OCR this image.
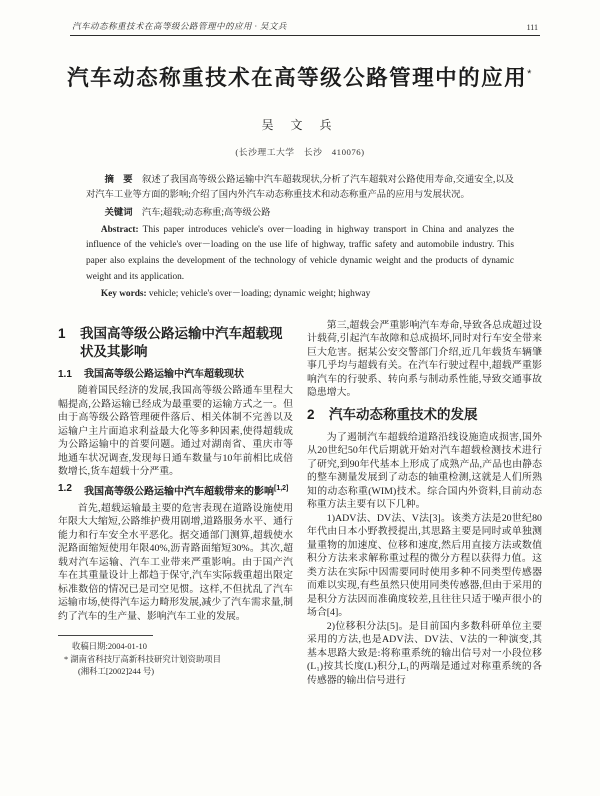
汽车动态称重技术在高等级公路管理中的应用 · 吴文兵	111
汽车动态称重技术在高等级公路管理中的应用*
吴 文 兵
(长沙理工大学　长沙　410076)

摘　要　 叙述了我国高等级公路运输中汽车超载现状,分析了汽车超载对公路使用寿命,交通安全,以及对汽车工业等方面的影响;介绍了国内外汽车动态称重技术和动态称重产品的应用与发展状况。

关键词　 汽车;超载;动态称重;高等级公路

Abstract: This paper introduces vehicle's over－loading in highway transport in China and analyzes the influence of the vehicle's over－loading on the use life of highway, traffic safety and automobile industry. This paper also explains the development of the technology of vehicle dynamic weight and the products of dynamic weight and its application.

Key words: vehicle; vehicle's over－loading; dynamic weight; highway

1	我国高等级公路运输中汽车超载现状及其影响
1.1	我国高等级公路运输中汽车超载现状

随着国民经济的发展,我国高等级公路通车里程大幅提高,公路运输已经成为最重要的运输方式之一。但由于高等级公路管理硬件落后、相关体制不完善以及运输户主片面追求利益最大化等多种因素,使得超载成为公路运输中的首要问题。通过对湖南省、重庆市等地通车状况调查,发现每日通车数量与10年前相比成倍数增长,货车超载十分严重。

1.2	我国高等级公路运输中汽车超载带来的影响[1,2]

首先,超载运输最主要的危害表现在道路设施使用年限大大缩短,公路维护费用剧增,道路服务水平、通行能力和行车安全水平恶化。据交通部门测算,超载使水泥路面缩短使用年限40%,沥青路面缩短30%。其次,超载对汽车运输、汽车工业带来严重影响。由于国产汽车在其重量设计上都趋于保守,汽车实际载重超出限定标准数倍的情况已是司空见惯。这样,不但扰乱了汽车运输市场,使得汽车运力畸形发展,减少了汽车需求量,制约了汽车的生产量、影响汽车工业的发展。

收稿日期:2004-01-10

* 湖南省科技厅高新科技研究计划资助项目

(湘科工[2002]244 号)

第三,超载会严重影响汽车寿命,导致各总成超过设计载荷,引起汽车故障和总成损坏,同时对行车安全带来巨大危害。据某公安交警部门介绍,近几年载货车辆肇事几乎均与超载有关。在汽车行驶过程中,超载严重影响汽车的行驶系、转向系与制动系性能,导致交通事故隐患增大。

2	汽车动态称重技术的发展

为了遏制汽车超载给道路沿线设施造成损害,国外从20世纪50年代后期就开始对汽车超载检测技术进行了研究,到90年代基本上形成了成熟产品,产品也由静态的整车测量发展到了动态的轴重检测,这就是人们所熟知的动态称重(WIM)技术。综合国内外资料,目前动态称重方法主要有以下几种。

1)ADV法、DV法、V法[3]。该类方法是20世纪80年代由日本小野教授提出,其思路主要是同时或单独测量重物的加速度、位移和速度,然后用直接方法或数值积分方法来求解称重过程的微分方程以获得力值。这类方法在实际中因需要同时使用多种不同类型传感器而难以实现,有些虽然只使用同类传感器,但由于采用的是积分方法因而准确度较差,且往往只适于噪声很小的场合[4]。

2)位移积分法[5]。是目前国内多数科研单位主要采用的方法,也是ADV法、DV法、V法的一种演变,其基本思路大致是:将称重系统的输出信号对一小段位移(L₁)按其长度(L)积分,L₁的两端是通过对称重系统的各传感器的输出信号进行
